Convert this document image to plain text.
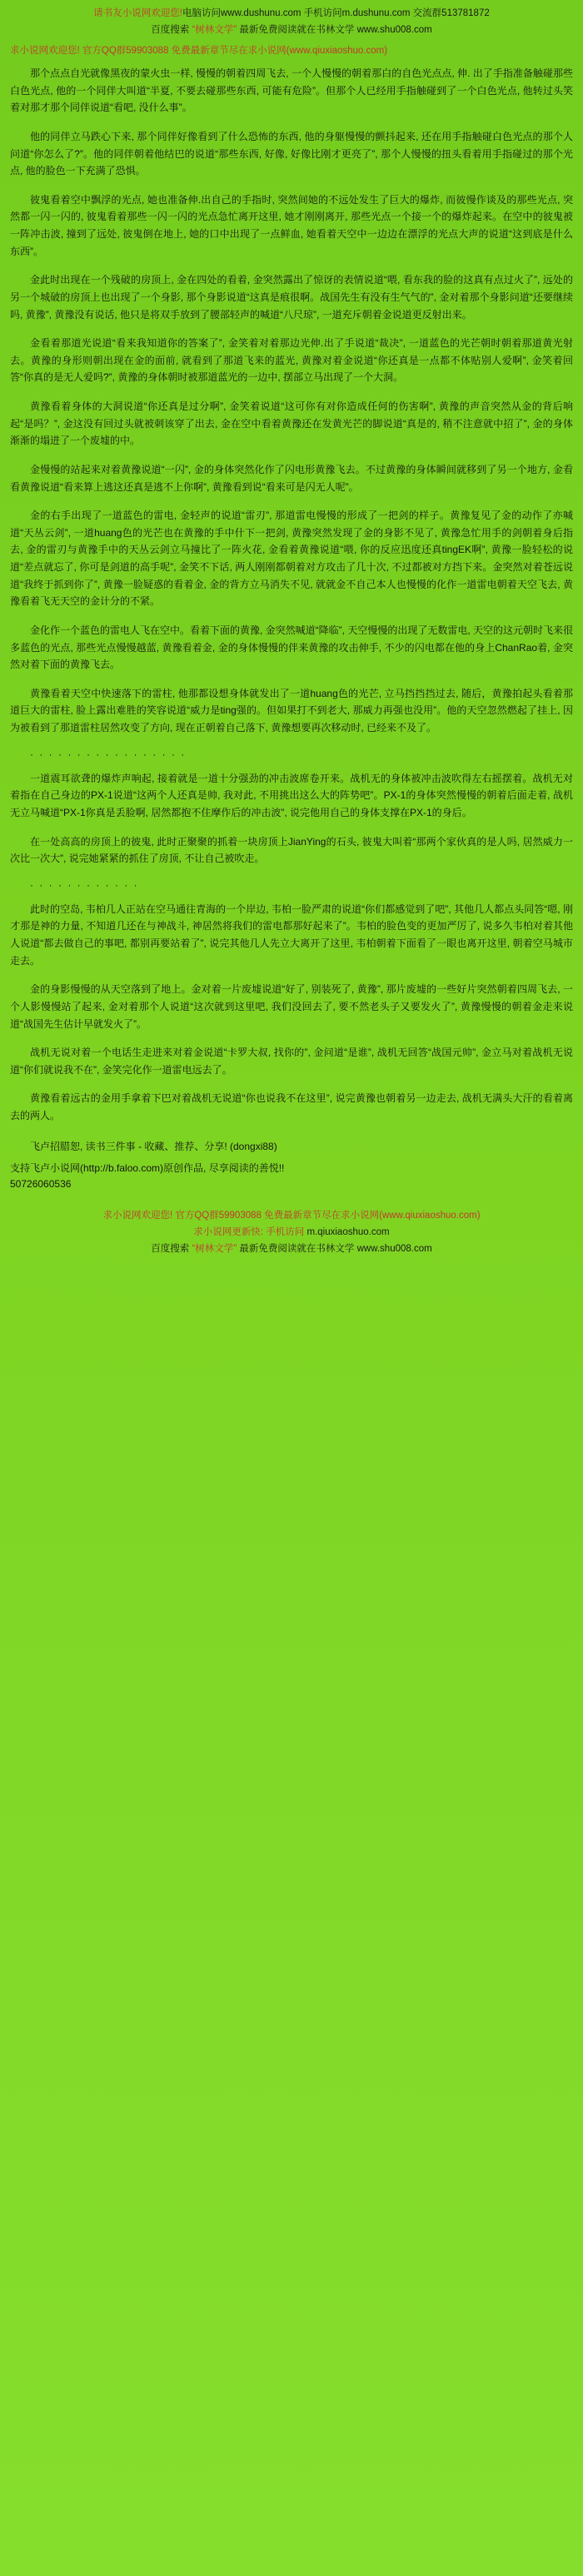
请书友小说网欢迎您!电脑访问www.dushunu.com 手机访问m.dushunu.com 交流群513781872
百度搜索 “树林文学” 最新免费阅读就在书林文学 www.shu008.com
求小说网欢迎您! 官方QQ群59903088 免费最新章节尽在求小说网(www.qiuxiaoshuo.com)

那个点点自光就像黑夜的蒙火虫一样, 慢慢的朝着四周飞去, 一个人慢慢的朝着那白的自色光点点, 伸. 出了手指准备触碰那些白色光点, 他的一个同伴大叫道“半夏, 不要去碰那些东西, 可能有危险”。但那个人已经用手指触碰到了一个白色光点, 他转过头笑着对那才那个同伴说道“看吧, 没什么事”。

他的同伴立马跌心下来, 那个同伴好像看到了什么恐怖的东西, 他的身躯慢慢的颤抖起来, 还在用手指触碰白色光点的那个人问道“你怎么了?”。他的同伴朝着他结巴的说道“那些东西, 好像, 好像比刚才更亮了”, 那个人慢慢的扭头看着用手指碰过的那个光点, 他的脸色一下充满了恐惧。

彼鬼看着空中飘浮的光点, 她也准备伸.出自己的手指时, 突然间她的不远处发生了巨大的爆炸, 而彼慢作谈及的那些光点, 突然都一闪一闪的, 彼鬼看着那些一闪一闪的光点急忙离开这里, 她才刚刚离开, 那些光点一个接一个的爆炸起来。在空中的彼鬼被一阵冲击波, 撞到了远处, 彼鬼倒在地上, 她的口中出现了一点鲜血, 她看着天空中一边边在漂浮的光点大声的说道“这到底是什么东西”。

金此时出现在一个残破的房顶上, 金在四处的看着, 金突然露出了惊讶的表情说道“喂, 看东我的脸的这真有点过火了”, 远处的另一个城破的房顶上也出现了一个身影, 那个身影说道“这真是痕很啊。战国先生有没有生气气的”, 金对着那个身影问道“还要继续吗, 黄豫”, 黄豫没有说话, 他只是将双手放到了腰部轻声的喊道“八尺琼”, 一道充斥朝着金说道更反射出来。

金看着那道光说道“看来我知道你的答案了”, 金笑着对着那边光伸.出了手说道“裁决”, 一道蓝色的光芒朝时朝着那道黄光射去。黄豫的身形则朝出现在金的面前, 就看到了那道飞来的蓝光, 黄豫对着金说道“你还真是一点都不体贴别人爱啊”, 金笑着回答“你真的是无人爱吗?”, 黄豫的身体朝时被那道蓝光的一边中, 摆部立马出现了一个大洞。

黄豫看着身体的大洞说道“你还真是过分啊”, 金笑着说道“这可你有对你造成任何的伤害啊”, 黄豫的声音突然从金的背后响起“是吗？”, 金这没有回过头就被刺该穿了出去, 金在空中看着黄豫还在发黄光芒的脚说道“真是的, 稍不注意就中招了”, 金的身体渐渐的塌进了一个废墟的中。

金慢慢的站起来对着黄豫说道“一闪”, 金的身体突然化作了闪电形黄豫飞去。不过黄豫的身体瞬间就移到了另一个地方, 金看看黄豫说道“看来算上逃这还真是逃不上你啊”, 黄豫看到说“看来可是闪无人呢”。

金的右手出现了一道蓝色的雷电, 金轻声的说道“雷刃”, 那道雷电慢慢的形成了一把剑的样子。黄豫复见了金的动作了亦喊道“天丛云剑”, 一道huang色的光芒也在黄豫的手中什下一把剑, 黄豫突然发现了金的身影不见了, 黄豫急忙用手的剑朝着身后指去, 金的雷刃与黄豫手中的天丛云剑立马撞比了一阵火花, 金看着黄豫说道“喂, 你的反应迅度还真tingEK啊”, 黄豫一脸轻松的说道“差点就忘了, 你可是剑道的高手呢”, 金笑不下话, 两人刚刚都朝着对方攻击了几十次, 不过都被对方挡下来。金突然对着苍远说道“我终于抓到你了”, 黄豫一脸疑惑的看着金, 金的背方立马消失不见, 就就金不自己本人也慢慢的化作一道雷电朝着天空飞去, 黄豫看着飞无天空的金计分的不紧。

金化作一个蓝色的雷电人飞在空中。看着下面的黄豫, 金突然喊道“降临”, 天空慢慢的出现了无数雷电, 天空的这元朝时飞来很多蓝色的光点, 那些光点慢慢越蓝, 黄豫看着金, 金的身体慢慢的伴来黄豫的攻击伸手, 不少的闪电都在他的身上ChanRao着, 金突然对着下面的黄豫飞去。

黄豫看着天空中快速落下的雷柱, 他那都设想身体就发出了一道huang色的光芒, 立马挡挡挡过去, 随后，黄豫拍起头看着那道巨大的雷柱, 脸上露出难胜的笑容说道“威力是ting强的。但如果打不到老大, 那威力再强也没用”。他的天空忽然燃起了挂上, 因为被看到了那道雷柱居然攻变了方向, 现在正朝着自己落下, 黄豫想要再次移动时, 已经来不及了。

· · · · · · · · · · · · · · · · ·

一道震耳欲聋的爆炸声响起, 接着就是一道十分强劲的冲击波席卷开来。战机无的身体被冲击波吹得左右摇摆着。战机无对着指在自己身边的PX-1说道“这两个人还真是帅, 我对此, 不用挑出这么大的阵势吧”。PX-1的身体突然慢慢的朝着后面走着, 战机无立马喊道“PX-1你真是丢脸啊, 居然都抱不住摩作后的冲击波”, 说完他用自己的身体支撑在PX-1的身后。

在一处高高的房顶上的彼鬼, 此时正聚聚的抓着一块房顶上JianYing的石头, 彼鬼大叫着“那两个家伙真的是人吗, 居然威力一次比一次大”, 说完她紧紧的抓住了房顶, 不让自己被吹走。

· · · · · · · · · · · ·

此时的空岛, 韦柏几人正站在空马通往青海的一个岸边, 韦柏一脸严肃的说道“你们都感觉到了吧”, 其他几人都点头同答“嗯, 刚才那是神的力量, 不知道几还在与神战斗, 神居然将我们的雷电都那好起来了”。韦柏的脸色变的更加严厉了, 说多久韦柏对着其他人说道“都去做自己的事吧, 都别再要站着了”, 说完其他几人先立大离开了这里, 韦柏朝着下面看了一眼也离开这里, 朝着空马城市走去。

金的身影慢慢的从天空落到了地上。金对着一片废墟说道“好了, 别装死了, 黄豫”, 那片废墟的一些好片突然朝着四周飞去, 一个人影慢慢站了起来, 金对着那个人说道“这次就到这里吧, 我们没回去了, 要不然老头子又要发火了”, 黄豫慢慢的朝着金走来说道“战国先生估计早就发火了”。

战机无说对着一个电话生走进来对着金说道“卡罗大叔, 找你的”, 金问道“是谁”, 战机无回答“战国元帅”, 金立马对着战机无说道“你们就说我不在”, 金笑完化作一道雷电远去了。

黄豫看着远古的金用手拿着下巴对着战机无说道“你也说我不在这里”, 说完黄豫也朝着另一边走去, 战机无满头大汗的看着离去的两人。

飞卢招腊恕, 读书三件事 - 收藏、推荐、分享! (dongxi88)
支持飞卢小说网(http://b.faloo.com)原创作品, 尽享阅读的善悦!!
50726060536
求小说网欢迎您! 官方QQ群59903088 免费最新章节尽在求小说网(www.qiuxiaoshuo.com)
求小说网更新快: 手机访问 m.qiuxiaoshuo.com
百度搜索 “树林文学” 最新免费阅读就在书林文学 www.shu008.com
